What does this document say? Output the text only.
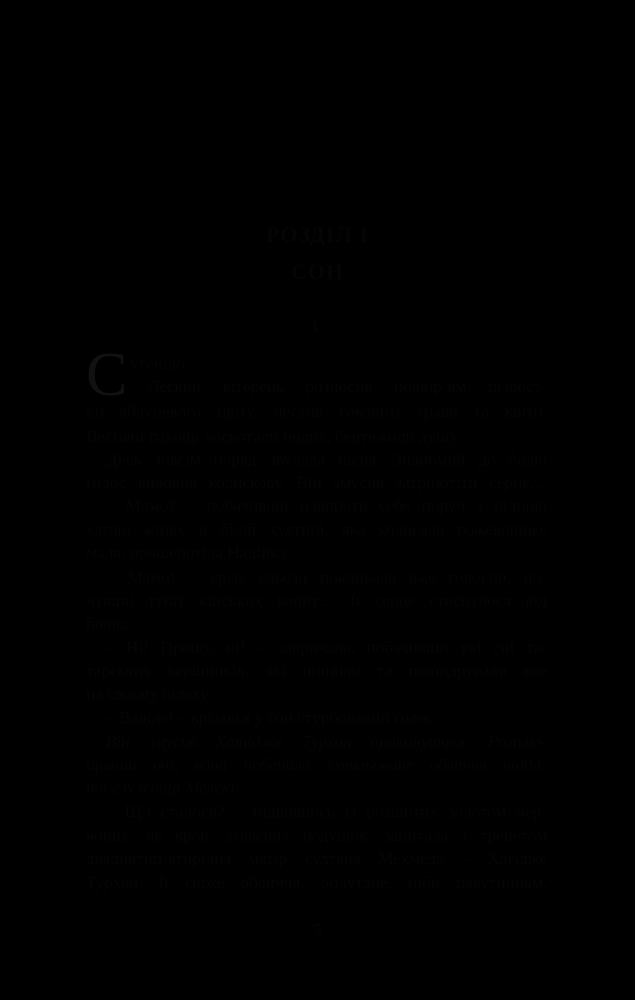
РОЗДІЛ І
СОН
1.
С утеніло.
Легкий вітерець розносив подвір’ям пелюст-
ки яблуневого цвіту, пестив соковиті трави та квіти.
Весняні пахощі лоскотали подих, бентежили душу.
Десь зовсім поряд звучала пісня. Знайомий до болю
голос виводив колискову. Він змусив затріпотіти серце…
– Мамо? – побачивши навпроти себе поруч з рідною
хатою жінку в білій хустині, яка колисала рожевощоке
маля, прошепотіла Надійка.
– Мамо! – крізь сльози покликала вже голосно, по-
чувши тупіт кінських копит… Її серце стиснулося від
болю.
– Ні! Прошу, ні! – закричала, побачивши уві сні та-
тарських вершників, які нищили та плюндрували все
на своєму шляху.
– Валіде! – врізався у сон стурбований голос.
Він змусив Хатідже Турхан прокинутися. Розплю-
щивши очі, вона побачила схвильоване обличчя відда-
ної служниці Мелекі.
– Що сталося? – підвівшись із розшитих золотом чер-
воних, як кров, атласних подушок, запитала з трепетом
двадцятип’ятирічна матір султана Мехмеда – Хатідже
Турхан. Її свіже обличчя, оплутане, ніби павутинням,
5
